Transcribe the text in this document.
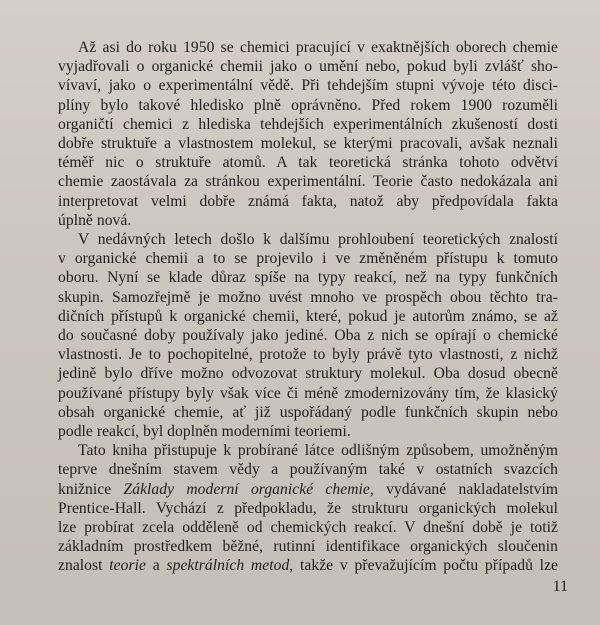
Až asi do roku 1950 se chemici pracující v exaktnějších oborech chemie
vyjadřovali o organické chemii jako o umění nebo, pokud byli zvlášť sho-
vívaví, jako o experimentální vědě. Při tehdejším stupni vývoje této disci-
plíny bylo takové hledisko plně oprávněno. Před rokem 1900 rozuměli
organičtí chemici z hlediska tehdejších experimentálních zkušeností dosti
dobře struktuře a vlastnostem molekul, se kterými pracovali, avšak neznali
téměř nic o struktuře atomů. A tak teoretická stránka tohoto odvětví
chemie zaostávala za stránkou experimentální. Teorie často nedokázala ani
interpretovat velmi dobře známá fakta, natož aby předpovídala fakta
úplně nová.
V nedávných letech došlo k dalšímu prohloubení teoretických znalostí
v organické chemii a to se projevilo i ve změněném přístupu k tomuto
oboru. Nyní se klade důraz spíše na typy reakcí, než na typy funkčních
skupin. Samozřejmě je možno uvést mnoho ve prospěch obou těchto tra-
dičních přístupů k organické chemii, které, pokud je autorům známo, se až
do současné doby používaly jako jediné. Oba z nich se opírají o chemické
vlastnosti. Je to pochopitelné, protože to byly právě tyto vlastnosti, z nichž
jedině bylo dříve možno odvozovat struktury molekul. Oba dosud obecně
používané přístupy byly však více či méně zmodernizovány tím, že klasický
obsah organické chemie, ať již uspořádaný podle funkčních skupin nebo
podle reakcí, byl doplněn moderními teoriemi.
Tato kniha přistupuje k probírané látce odlišným způsobem, umožněným
teprve dnešním stavem vědy a používaným také v ostatních svazcích
knižnice Základy moderní organické chemie, vydávané nakladatelstvím
Prentice-Hall. Vychází z předpokladu, že strukturu organických molekul
lze probírat zcela odděleně od chemických reakcí. V dnešní době je totiž
základním prostředkem běžné, rutinní identifikace organických sloučenin
znalost teorie a spektrálních metod, takže v převažujícím počtu případů lze
11
